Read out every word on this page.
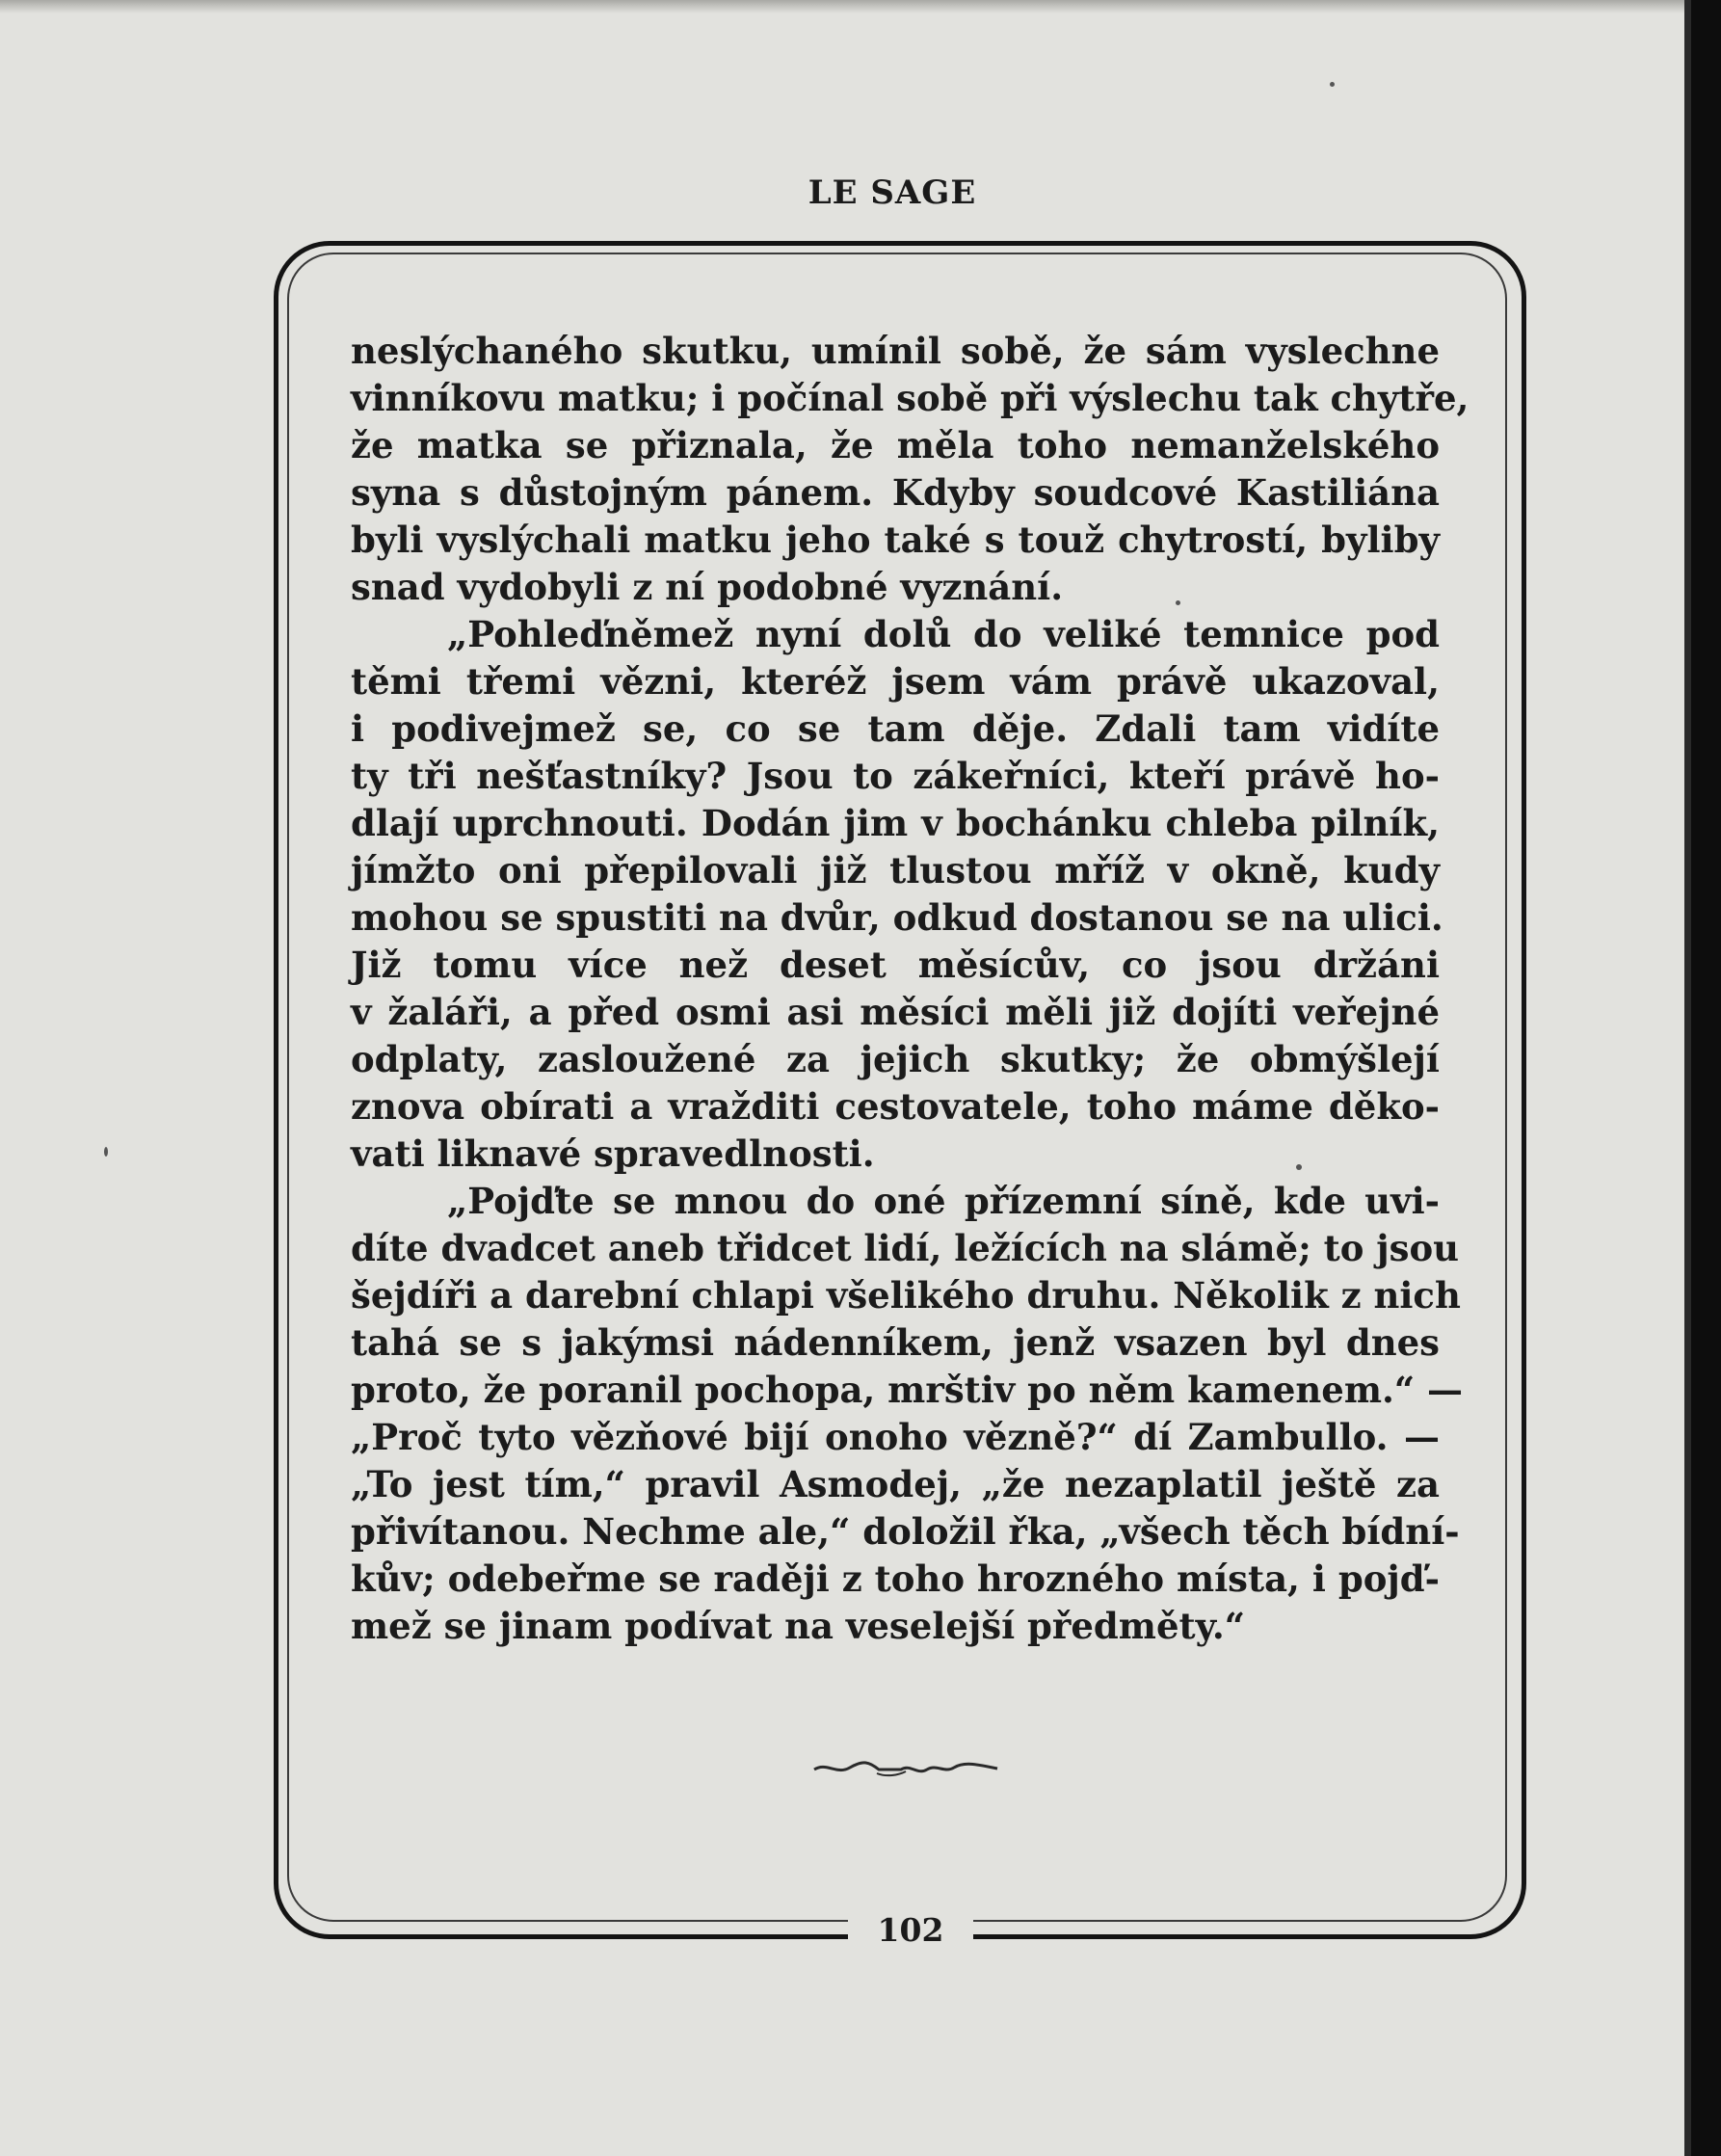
LE SAGE
neslýchaného skutku, umínil sobě, že sám vyslechne
vinníkovu matku; i počínal sobě při výslechu tak chytře,
že matka se přiznala, že měla toho nemanželského
syna s důstojným pánem. Kdyby soudcové Kastiliána
byli vyslýchali matku jeho také s touž chytrostí, byliby
snad vydobyli z ní podobné vyznání.
„Pohleďněmež nyní dolů do veliké temnice pod
těmi třemi vězni, kteréž jsem vám právě ukazoval,
i podivejmež se, co se tam děje. Zdali tam vidíte
ty tři nešťastníky? Jsou to zákeřníci, kteří právě ho-
dlají uprchnouti. Dodán jim v bochánku chleba pilník,
jímžto oni přepilovali již tlustou mříž v okně, kudy
mohou se spustiti na dvůr, odkud dostanou se na ulici.
Již tomu více než deset měsícův, co jsou držáni
v žaláři, a před osmi asi měsíci měli již dojíti veřejné
odplaty, zasloužené za jejich skutky; že obmýšlejí
znova obírati a vražditi cestovatele, toho máme děko-
vati liknavé spravedlnosti.
„Pojďte se mnou do oné přízemní síně, kde uvi-
díte dvadcet aneb třidcet lidí, ležících na slámě; to jsou
šejdíři a darební chlapi všelikého druhu. Několik z nich
tahá se s jakýmsi nádenníkem, jenž vsazen byl dnes
proto, že poranil pochopa, mrštiv po něm kamenem.“ —
„Proč tyto vězňové bijí onoho vězně?“ dí Zambullo. —
„To jest tím,“ pravil Asmodej, „že nezaplatil ještě za
přivítanou. Nechme ale,“ doložil řka, „všech těch bídní-
kův; odebeřme se raději z toho hrozného místa, i pojď-
mež se jinam podívat na veselejší předměty.“
102
